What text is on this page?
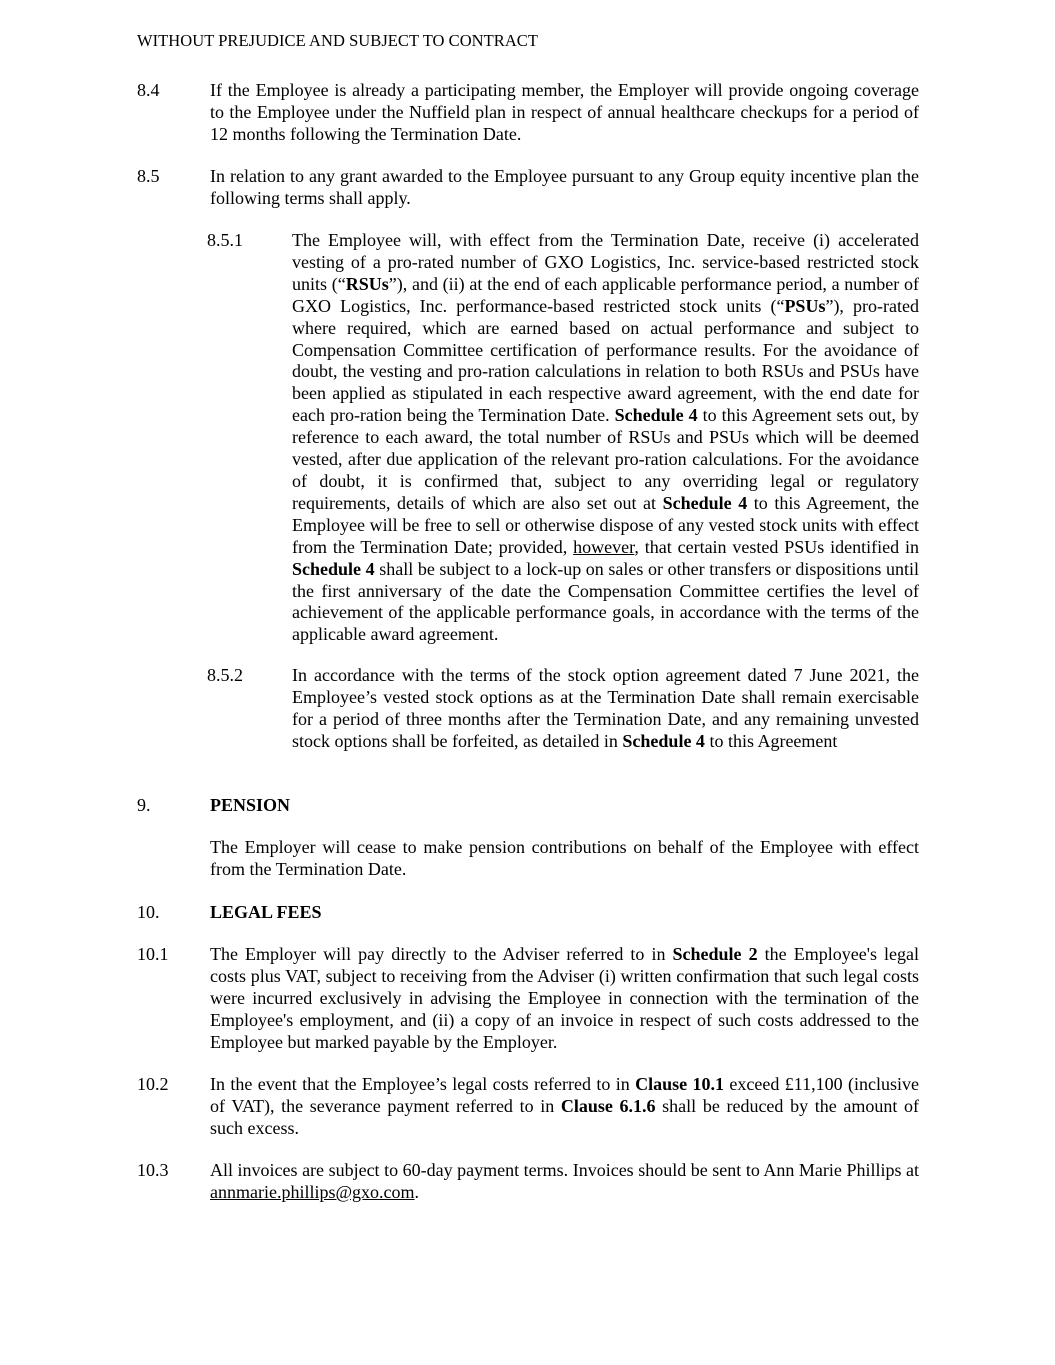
WITHOUT PREJUDICE AND SUBJECT TO CONTRACT
8.4	If the Employee is already a participating member, the Employer will provide ongoing coverage to the Employee under the Nuffield plan in respect of annual healthcare checkups for a period of 12 months following the Termination Date.
8.5	In relation to any grant awarded to the Employee pursuant to any Group equity incentive plan the following terms shall apply.
8.5.1	The Employee will, with effect from the Termination Date, receive (i) accelerated vesting of a pro-rated number of GXO Logistics, Inc. service-based restricted stock units (“RSUs”), and (ii) at the end of each applicable performance period, a number of GXO Logistics, Inc. performance-based restricted stock units (“PSUs”), pro-rated where required, which are earned based on actual performance and subject to Compensation Committee certification of performance results. For the avoidance of doubt, the vesting and pro-ration calculations in relation to both RSUs and PSUs have been applied as stipulated in each respective award agreement, with the end date for each pro-ration being the Termination Date. Schedule 4 to this Agreement sets out, by reference to each award, the total number of RSUs and PSUs which will be deemed vested, after due application of the relevant pro-ration calculations. For the avoidance of doubt, it is confirmed that, subject to any overriding legal or regulatory requirements, details of which are also set out at Schedule 4 to this Agreement, the Employee will be free to sell or otherwise dispose of any vested stock units with effect from the Termination Date; provided, however, that certain vested PSUs identified in Schedule 4 shall be subject to a lock-up on sales or other transfers or dispositions until the first anniversary of the date the Compensation Committee certifies the level of achievement of the applicable performance goals, in accordance with the terms of the applicable award agreement.
8.5.2	In accordance with the terms of the stock option agreement dated 7 June 2021, the Employee’s vested stock options as at the Termination Date shall remain exercisable for a period of three months after the Termination Date, and any remaining unvested stock options shall be forfeited, as detailed in Schedule 4 to this Agreement
9.	PENSION
The Employer will cease to make pension contributions on behalf of the Employee with effect from the Termination Date.
10.	LEGAL FEES
10.1 The Employer will pay directly to the Adviser referred to in Schedule 2 the Employee's legal costs plus VAT, subject to receiving from the Adviser (i) written confirmation that such legal costs were incurred exclusively in advising the Employee in connection with the termination of the Employee's employment, and (ii) a copy of an invoice in respect of such costs addressed to the Employee but marked payable by the Employer.
10.2 In the event that the Employee’s legal costs referred to in Clause 10.1 exceed £11,100 (inclusive of VAT), the severance payment referred to in Clause 6.1.6 shall be reduced by the amount of such excess.
10.3 All invoices are subject to 60-day payment terms. Invoices should be sent to Ann Marie Phillips at annmarie.phillips@gxo.com.
